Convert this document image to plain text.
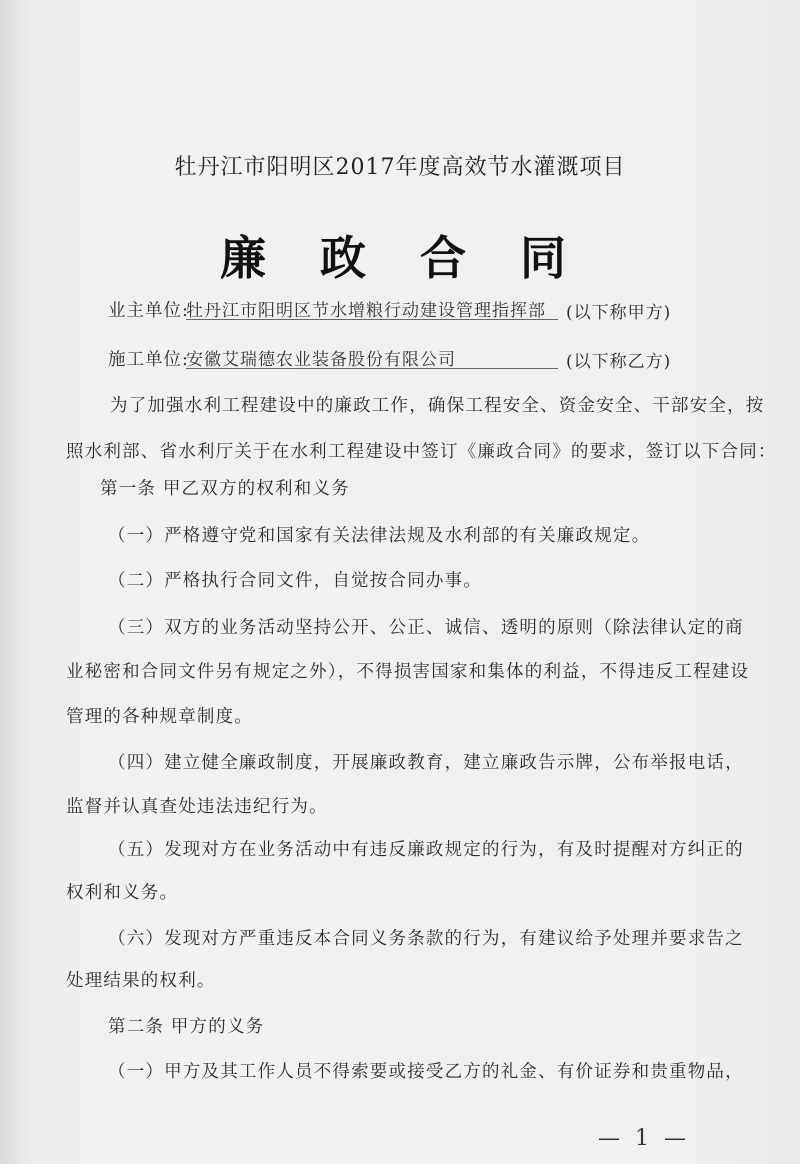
牡丹江市阳明区2017年度高效节水灌溉项目
廉政合同
业主单位:
牡丹江市阳明区节水增粮行动建设管理指挥部	(以下称甲方)
施工单位:
安徽艾瑞德农业装备股份有限公司	(以下称乙方)
为了加强水利工程建设中的廉政工作，确保工程安全、资金安全、干部安全，按
照水利部、省水利厅关于在水利工程建设中签订《廉政合同》的要求，签订以下合同：
第一条 甲乙双方的权利和义务
（一）严格遵守党和国家有关法律法规及水利部的有关廉政规定。
（二）严格执行合同文件，自觉按合同办事。
（三）双方的业务活动坚持公开、公正、诚信、透明的原则（除法律认定的商
业秘密和合同文件另有规定之外），不得损害国家和集体的利益，不得违反工程建设
管理的各种规章制度。
（四）建立健全廉政制度，开展廉政教育，建立廉政告示牌，公布举报电话，
监督并认真查处违法违纪行为。
（五）发现对方在业务活动中有违反廉政规定的行为，有及时提醒对方纠正的
权利和义务。
（六）发现对方严重违反本合同义务条款的行为，有建议给予处理并要求告之
处理结果的权利。
第二条 甲方的义务
（一）甲方及其工作人员不得索要或接受乙方的礼金、有价证券和贵重物品，
— 1 —
